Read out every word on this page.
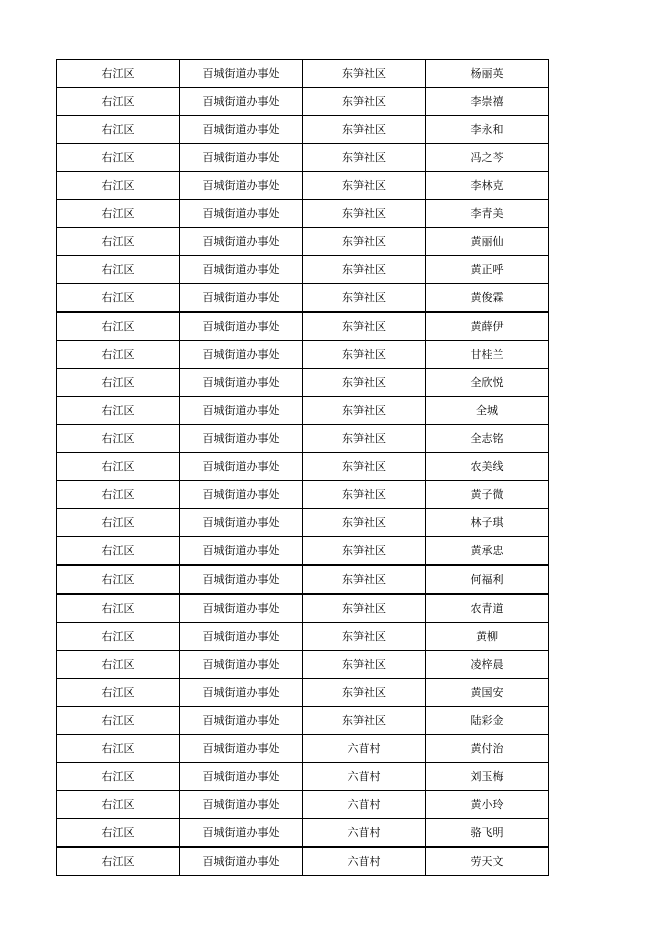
右江区	百城街道办事处	东笋社区	杨丽英
右江区	百城街道办事处	东笋社区	李崇禧
右江区	百城街道办事处	东笋社区	李永和
右江区	百城街道办事处	东笋社区	冯之芩
右江区	百城街道办事处	东笋社区	李林克
右江区	百城街道办事处	东笋社区	李青美
右江区	百城街道办事处	东笋社区	黄丽仙
右江区	百城街道办事处	东笋社区	黄正呼
右江区	百城街道办事处	东笋社区	黄俊霖
右江区	百城街道办事处	东笋社区	黄薛伊
右江区	百城街道办事处	东笋社区	甘桂兰
右江区	百城街道办事处	东笋社区	全欣悦
右江区	百城街道办事处	东笋社区	全城
右江区	百城街道办事处	东笋社区	全志铭
右江区	百城街道办事处	东笋社区	农美线
右江区	百城街道办事处	东笋社区	黄子微
右江区	百城街道办事处	东笋社区	林子琪
右江区	百城街道办事处	东笋社区	黄承忠
右江区	百城街道办事处	东笋社区	何福利
右江区	百城街道办事处	东笋社区	农青道
右江区	百城街道办事处	东笋社区	黄柳
右江区	百城街道办事处	东笋社区	凌梓晨
右江区	百城街道办事处	东笋社区	黄国安
右江区	百城街道办事处	东笋社区	陆彩金
右江区	百城街道办事处	六苜村	黄付治
右江区	百城街道办事处	六苜村	刘玉梅
右江区	百城街道办事处	六苜村	黄小玲
右江区	百城街道办事处	六苜村	骆飞明
右江区	百城街道办事处	六苜村	劳天文
